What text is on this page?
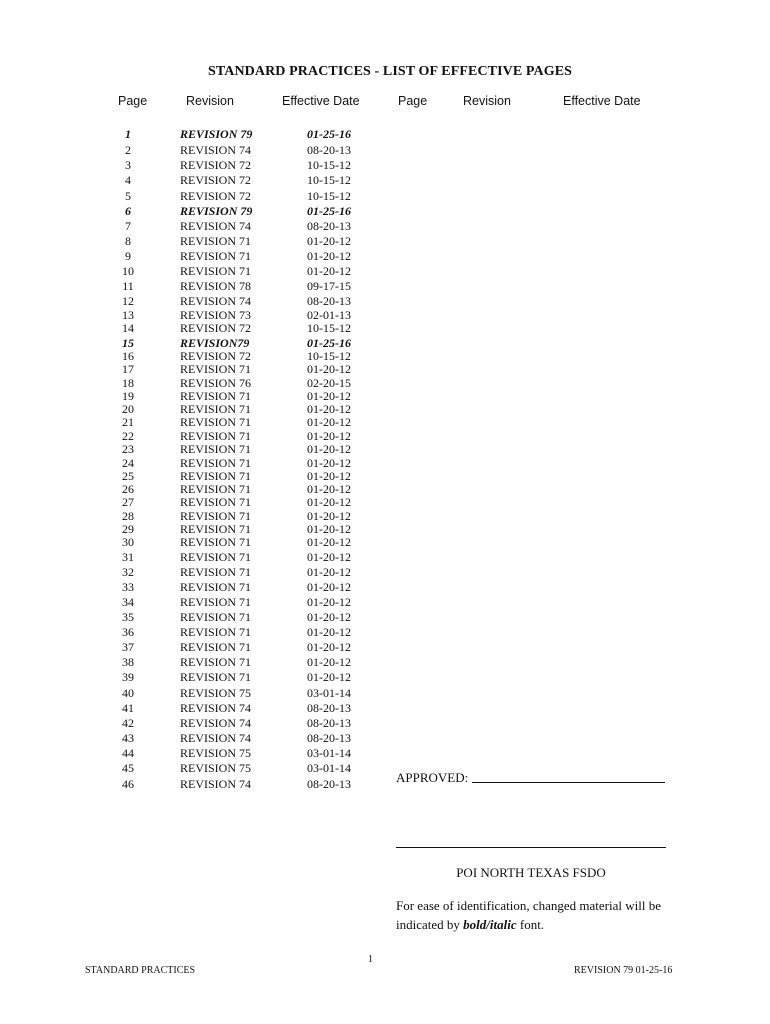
STANDARD PRACTICES - LIST OF EFFECTIVE PAGES
Page	Revision	Effective Date	Page	Revision	Effective Date
1	REVISION 79	01-25-16
2	REVISION 74	08-20-13
3	REVISION 72	10-15-12
4	REVISION 72	10-15-12
5	REVISION 72	10-15-12
6	REVISION 79	01-25-16
7	REVISION 74	08-20-13
8	REVISION 71	01-20-12
9	REVISION 71	01-20-12
10	REVISION 71	01-20-12
11	REVISION 78	09-17-15
12	REVISION 74	08-20-13
13	REVISION 73	02-01-13
14	REVISION 72	10-15-12
15	REVISION79	01-25-16
16	REVISION 72	10-15-12
17	REVISION 71	01-20-12
18	REVISION 76	02-20-15
19	REVISION 71	01-20-12
20	REVISION 71	01-20-12
21	REVISION 71	01-20-12
22	REVISION 71	01-20-12
23	REVISION 71	01-20-12
24	REVISION 71	01-20-12
25	REVISION 71	01-20-12
26	REVISION 71	01-20-12
27	REVISION 71	01-20-12
28	REVISION 71	01-20-12
29	REVISION 71	01-20-12
30	REVISION 71	01-20-12
31	REVISION 71	01-20-12
32	REVISION 71	01-20-12
33	REVISION 71	01-20-12
34	REVISION 71	01-20-12
35	REVISION 71	01-20-12
36	REVISION 71	01-20-12
37	REVISION 71	01-20-12
38	REVISION 71	01-20-12
39	REVISION 71	01-20-12
40	REVISION 75	03-01-14
41	REVISION 74	08-20-13
42	REVISION 74	08-20-13
43	REVISION 74	08-20-13
44	REVISION 75	03-01-14
45	REVISION 75	03-01-14
46	REVISION 74	08-20-13	APPROVED:
POI NORTH TEXAS FSDO
For ease of identification, changed material will be indicated by bold/italic font.
1
STANDARD PRACTICES	REVISION 79 01-25-16
